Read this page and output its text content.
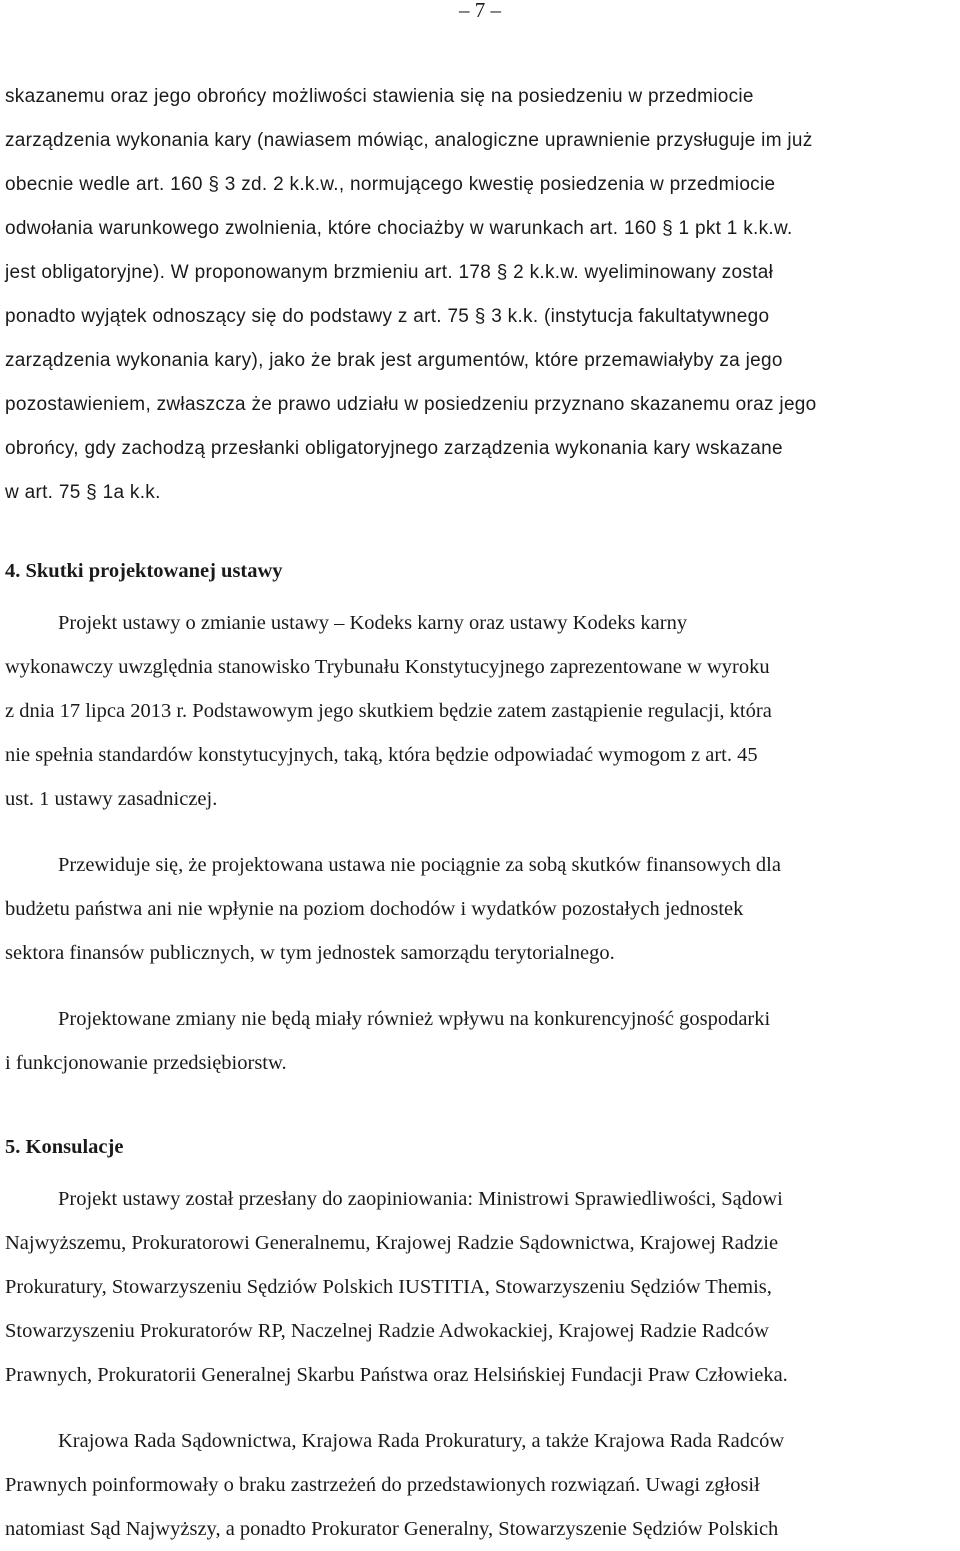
– 7 –
skazanemu oraz jego obrońcy możliwości stawienia się na posiedzeniu w przedmiocie
zarządzenia wykonania kary (nawiasem mówiąc, analogiczne uprawnienie przysługuje im już
obecnie wedle art. 160 § 3 zd. 2 k.k.w., normującego kwestię posiedzenia w przedmiocie
odwołania warunkowego zwolnienia, które chociażby w warunkach art. 160 § 1 pkt 1 k.k.w.
jest obligatoryjne). W proponowanym brzmieniu art. 178 § 2 k.k.w. wyeliminowany został
ponadto wyjątek odnoszący się do podstawy z art. 75 § 3 k.k. (instytucja fakultatywnego
zarządzenia wykonania kary), jako że brak jest argumentów, które przemawiałyby za jego
pozostawieniem, zwłaszcza że prawo udziału w posiedzeniu przyznano skazanemu oraz jego
obrońcy, gdy zachodzą przesłanki obligatoryjnego zarządzenia wykonania kary wskazane
w art. 75 § 1a k.k.
4. Skutki projektowanej ustawy
Projekt ustawy o zmianie ustawy – Kodeks karny oraz ustawy Kodeks karny
wykonawczy uwzględnia stanowisko Trybunału Konstytucyjnego zaprezentowane w wyroku
z dnia 17 lipca 2013 r. Podstawowym jego skutkiem będzie zatem zastąpienie regulacji, która
nie spełnia standardów konstytucyjnych, taką, która będzie odpowiadać wymogom z art. 45
ust. 1 ustawy zasadniczej.
Przewiduje się, że projektowana ustawa nie pociągnie za sobą skutków finansowych dla
budżetu państwa ani nie wpłynie na poziom dochodów i wydatków pozostałych jednostek
sektora finansów publicznych, w tym jednostek samorządu terytorialnego.
Projektowane zmiany nie będą miały również wpływu na konkurencyjność gospodarki
i funkcjonowanie przedsiębiorstw.
5. Konsulacje
Projekt ustawy został przesłany do zaopiniowania: Ministrowi Sprawiedliwości, Sądowi
Najwyższemu, Prokuratorowi Generalnemu, Krajowej Radzie Sądownictwa, Krajowej Radzie
Prokuratury, Stowarzyszeniu Sędziów Polskich IUSTITIA, Stowarzyszeniu Sędziów Themis,
Stowarzyszeniu Prokuratorów RP, Naczelnej Radzie Adwokackiej, Krajowej Radzie Radców
Prawnych, Prokuratorii Generalnej Skarbu Państwa oraz Helsińskiej Fundacji Praw Człowieka.
Krajowa Rada Sądownictwa, Krajowa Rada Prokuratury, a także Krajowa Rada Radców
Prawnych poinformowały o braku zastrzeżeń do przedstawionych rozwiązań. Uwagi zgłosił
natomiast Sąd Najwyższy, a ponadto Prokurator Generalny, Stowarzyszenie Sędziów Polskich
